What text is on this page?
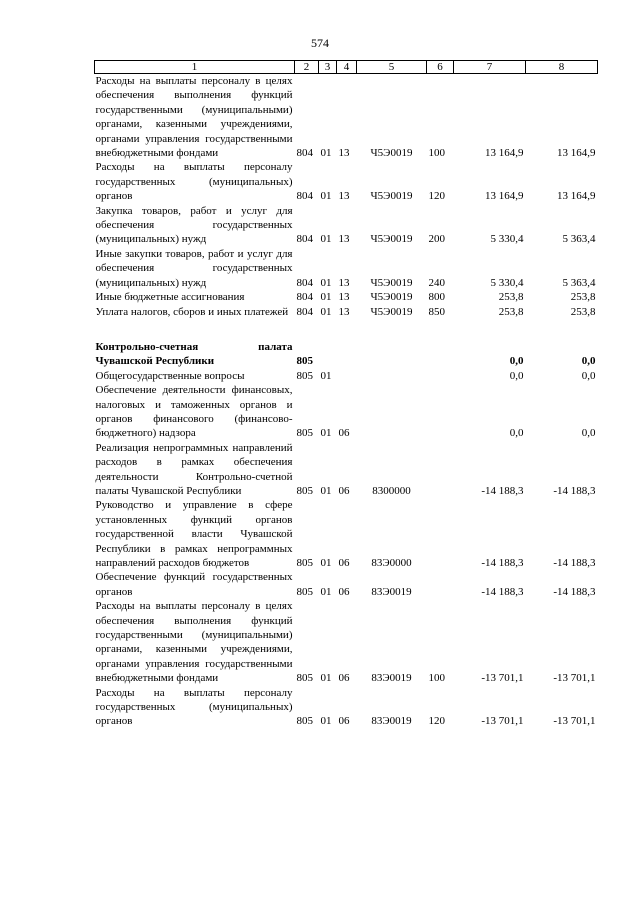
574
1	2	3	4	5	6	7	8
Расходы на выплаты персоналу в целях обеспечения выполнения функций государственными (муниципальными) органами, казенными учреждениями, органами управления государственными внебюджетными фондами	804	01	13	Ч5Э0019	100	13 164,9	13 164,9
Расходы на выплаты персоналу государственных (муниципальных) органов	804	01	13	Ч5Э0019	120	13 164,9	13 164,9
Закупка товаров, работ и услуг для обеспечения государственных (муниципальных) нужд	804	01	13	Ч5Э0019	200	5 330,4	5 363,4
Иные закупки товаров, работ и услуг для обеспечения государственных (муниципальных) нужд	804	01	13	Ч5Э0019	240	5 330,4	5 363,4
Иные бюджетные ассигнования	804	01	13	Ч5Э0019	800	253,8	253,8
Уплата налогов, сборов и иных платежей	804	01	13	Ч5Э0019	850	253,8	253,8

Контрольно-счетная палата Чувашской Республики	805					0,0	0,0
Общегосударственные вопросы	805	01				0,0	0,0
Обеспечение деятельности финансовых, налоговых и таможенных органов и органов финансового (финансово-бюджетного) надзора	805	01	06			0,0	0,0
Реализация непрограммных направлений расходов в рамках обеспечения деятельности Контрольно-счетной палаты Чувашской Республики	805	01	06	8300000		-14 188,3	-14 188,3
Руководство и управление в сфере установленных функций органов государственной власти Чувашской Республики в рамках непрограммных направлений расходов бюджетов	805	01	06	83Э0000		-14 188,3	-14 188,3
Обеспечение функций государственных органов	805	01	06	83Э0019		-14 188,3	-14 188,3
Расходы на выплаты персоналу в целях обеспечения выполнения функций государственными (муниципальными) органами, казенными учреждениями, органами управления государственными внебюджетными фондами	805	01	06	83Э0019	100	-13 701,1	-13 701,1
Расходы на выплаты персоналу государственных (муниципальных) органов	805	01	06	83Э0019	120	-13 701,1	-13 701,1
